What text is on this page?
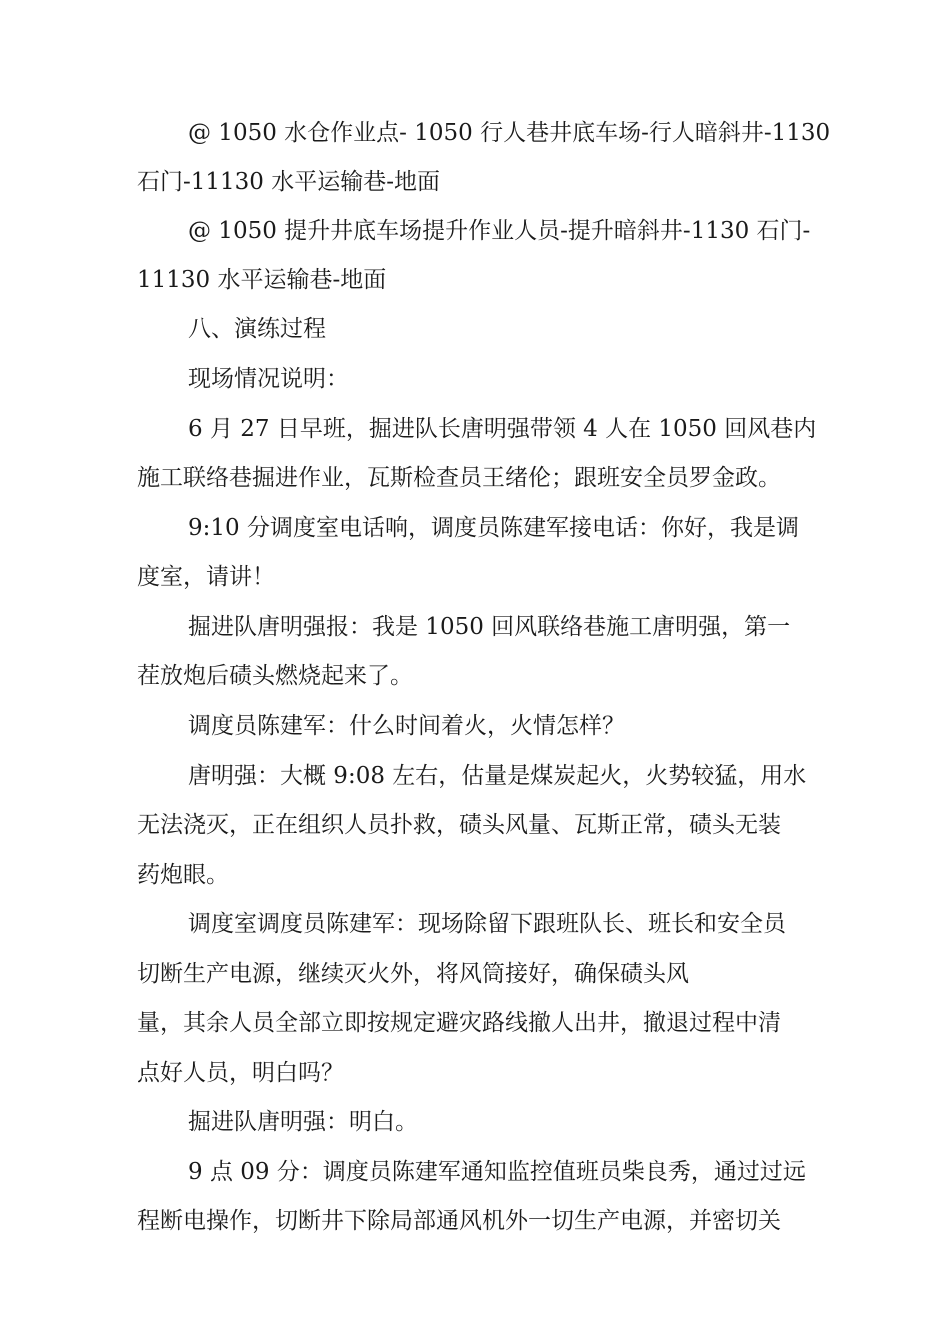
@ 1050 水仓作业点- 1050 行人巷井底车场-行人暗斜井-1130
石门-11130 水平运输巷-地面
@ 1050 提升井底车场提升作业人员-提升暗斜井-1130 石门-
11130 水平运输巷-地面
八、演练过程
现场情况说明：
6 月 27 日早班，掘进队长唐明强带领 4 人在 1050 回风巷内
施工联络巷掘进作业，瓦斯检查员王绪伦；跟班安全员罗金政。
9:10 分调度室电话响，调度员陈建军接电话：你好，我是调
度室，请讲！
掘进队唐明强报：我是 1050 回风联络巷施工唐明强，第一
茬放炮后碛头燃烧起来了。
调度员陈建军：什么时间着火，火情怎样？
唐明强：大概 9:08 左右，估量是煤炭起火，火势较猛，用水
无法浇灭，正在组织人员扑救，碛头风量、瓦斯正常，碛头无装
药炮眼。
调度室调度员陈建军：现场除留下跟班队长、班长和安全员
切断生产电源，继续灭火外，将风筒接好，确保碛头风
量，其余人员全部立即按规定避灾路线撤人出井，撤退过程中清
点好人员，明白吗？
掘进队唐明强：明白。
9 点 09 分：调度员陈建军通知监控值班员柴良秀，通过过远
程断电操作，切断井下除局部通风机外一切生产电源，并密切关
